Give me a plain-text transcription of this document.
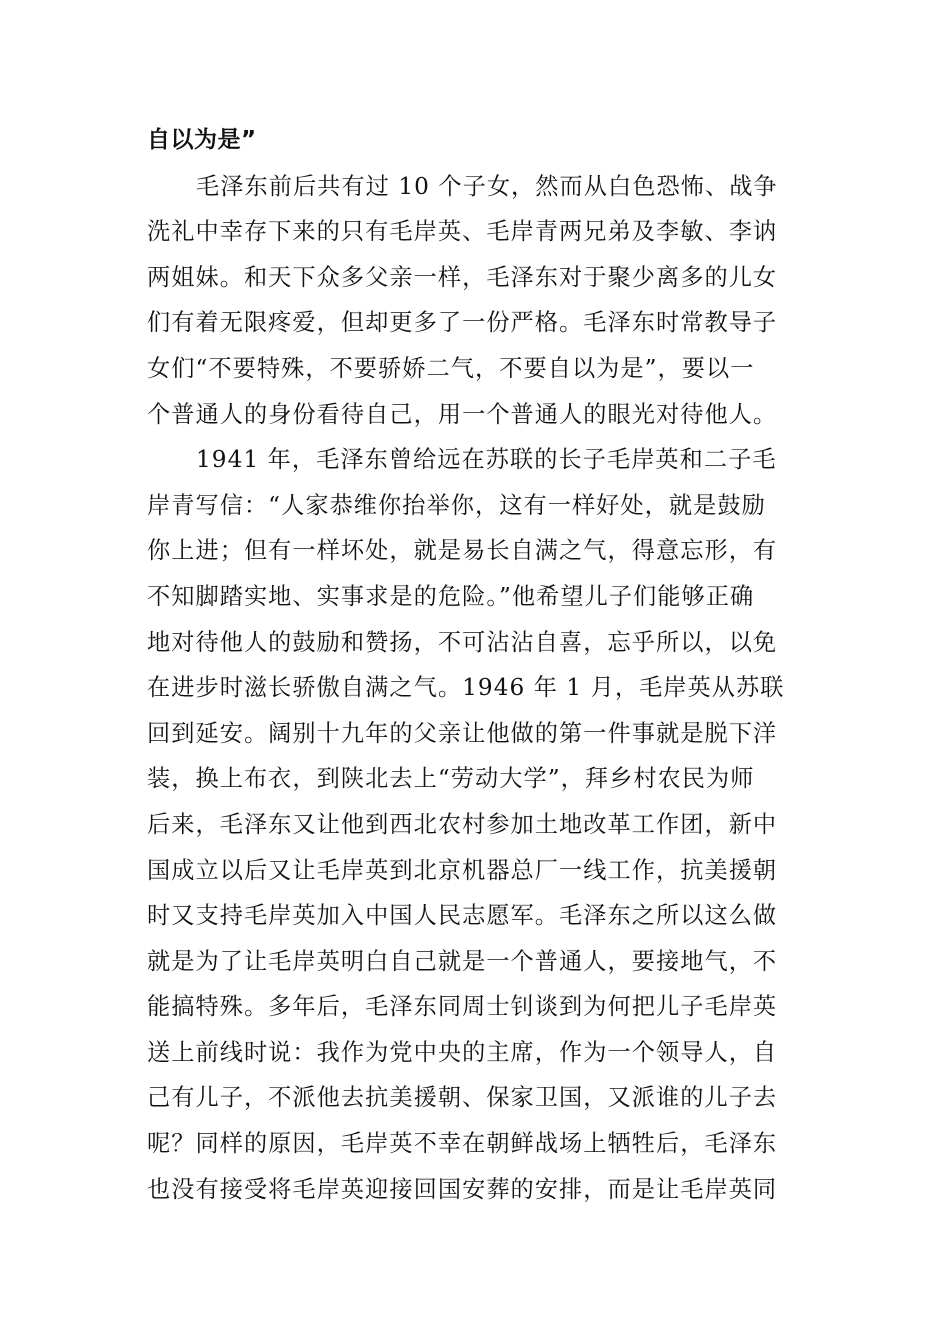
自以为是”
毛泽东前后共有过 10 个子女，然而从白色恐怖、战争
洗礼中幸存下来的只有毛岸英、毛岸青两兄弟及李敏、李讷
两姐妹。和天下众多父亲一样，毛泽东对于聚少离多的儿女
们有着无限疼爱，但却更多了一份严格。毛泽东时常教导子
女们“不要特殊，不要骄娇二气，不要自以为是”，要以一
个普通人的身份看待自己，用一个普通人的眼光对待他人。
1941 年，毛泽东曾给远在苏联的长子毛岸英和二子毛
岸青写信：“人家恭维你抬举你，这有一样好处，就是鼓励
你上进；但有一样坏处，就是易长自满之气，得意忘形，有
不知脚踏实地、实事求是的危险。”他希望儿子们能够正确
地对待他人的鼓励和赞扬，不可沾沾自喜，忘乎所以，以免
在进步时滋长骄傲自满之气。1946 年 1 月，毛岸英从苏联
回到延安。阔别十九年的父亲让他做的第一件事就是脱下洋
装，换上布衣，到陕北去上“劳动大学”，拜乡村农民为师
后来，毛泽东又让他到西北农村参加土地改革工作团，新中
国成立以后又让毛岸英到北京机器总厂一线工作，抗美援朝
时又支持毛岸英加入中国人民志愿军。毛泽东之所以这么做
就是为了让毛岸英明白自己就是一个普通人，要接地气，不
能搞特殊。多年后，毛泽东同周士钊谈到为何把儿子毛岸英
送上前线时说：我作为党中央的主席，作为一个领导人，自
己有儿子，不派他去抗美援朝、保家卫国，又派谁的儿子去
呢？同样的原因，毛岸英不幸在朝鲜战场上牺牲后，毛泽东
也没有接受将毛岸英迎接回国安葬的安排，而是让毛岸英同
